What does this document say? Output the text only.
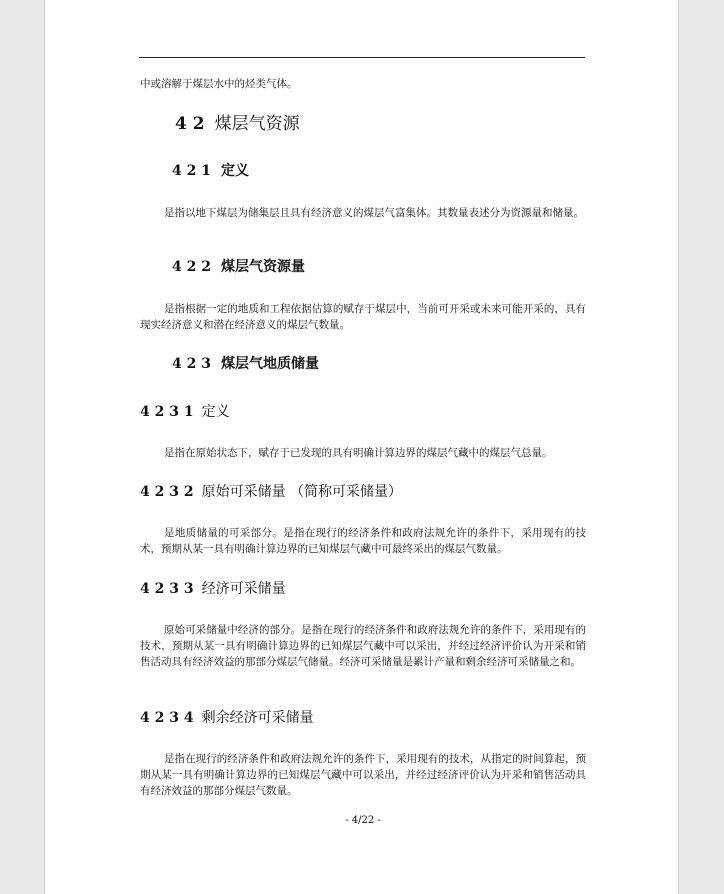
中或溶解于煤层水中的烃类气体。

4 2 煤层气资源
4 2 1 定义

是指以地下煤层为储集层且具有经济意义的煤层气富集体。其数量表述分为资源量和储量。

4 2 2 煤层气资源量

是指根据一定的地质和工程依据估算的赋存于煤层中，当前可开采或未来可能开采的，具有现实经济意义和潜在经济意义的煤层气数量。

4 2 3 煤层气地质储量
4 2 3 1 定义

是指在原始状态下，赋存于已发现的具有明确计算边界的煤层气藏中的煤层气总量。

4 2 3 2 原始可采储量 （简称可采储量）

是地质储量的可采部分。是指在现行的经济条件和政府法规允许的条件下，采用现有的技术，预期从某一具有明确计算边界的已知煤层气藏中可最终采出的煤层气数量。

4 2 3 3 经济可采储量

原始可采储量中经济的部分。是指在现行的经济条件和政府法规允许的条件下，采用现有的技术，预期从某一具有明确计算边界的已知煤层气藏中可以采出，并经过经济评价认为开采和销售活动具有经济效益的那部分煤层气储量。经济可采储量是累计产量和剩余经济可采储量之和。

4 2 3 4 剩余经济可采储量

是指在现行的经济条件和政府法规允许的条件下，采用现有的技术，从指定的时间算起，预期从某一具有明确计算边界的已知煤层气藏中可以采出，并经过经济评价认为开采和销售活动具有经济效益的那部分煤层气数量。

- 4/22 -
